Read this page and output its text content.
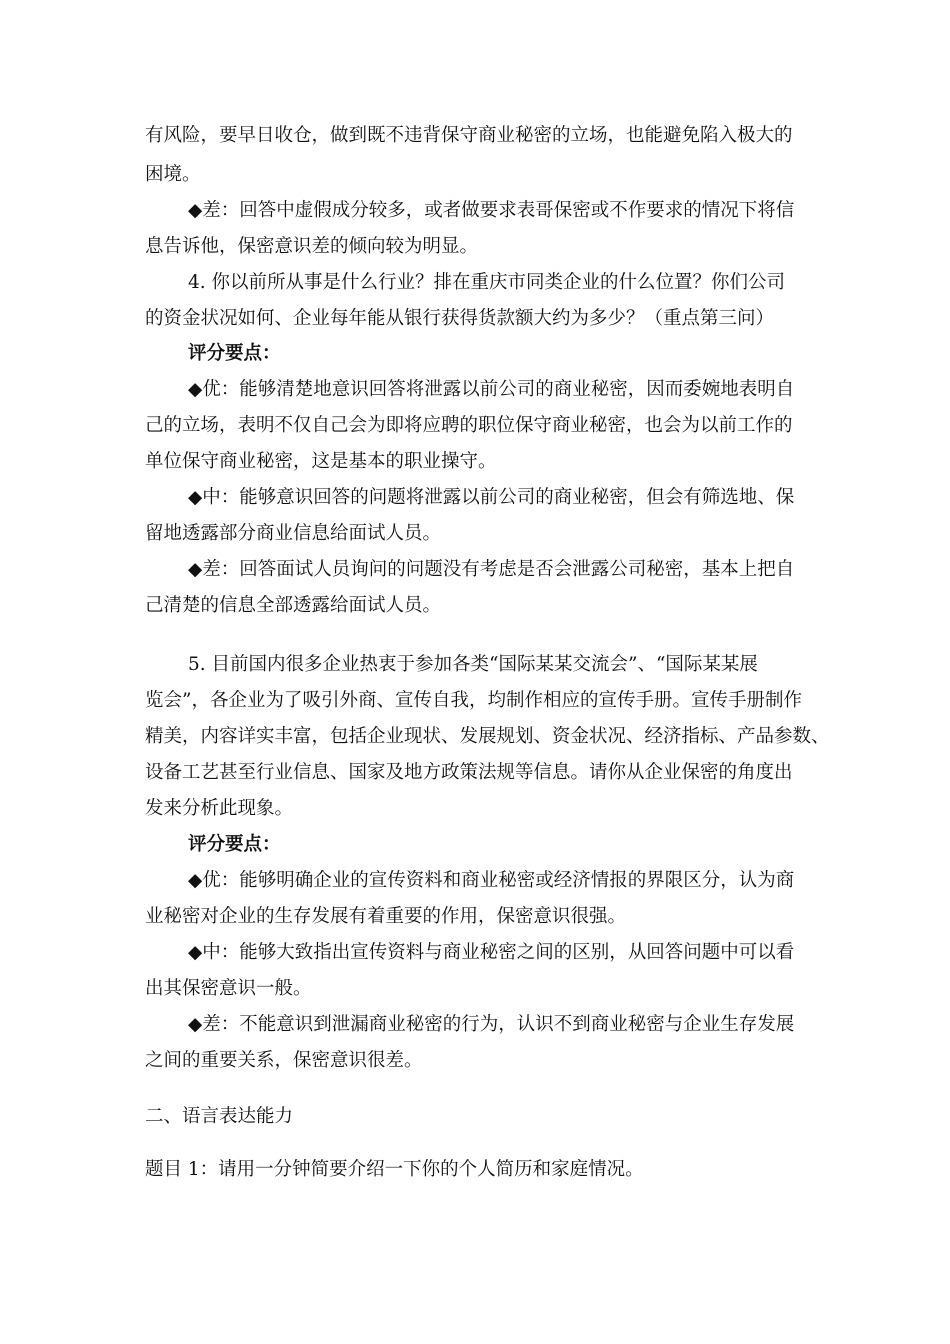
有风险，要早日收仓，做到既不违背保守商业秘密的立场，也能避免陷入极大的
困境。
◆差：回答中虚假成分较多，或者做要求表哥保密或不作要求的情况下将信
息告诉他，保密意识差的倾向较为明显。
4. 你以前所从事是什么行业？排在重庆市同类企业的什么位置？你们公司
的资金状况如何、企业每年能从银行获得货款额大约为多少？（重点第三问）
评分要点：
◆优：能够清楚地意识回答将泄露以前公司的商业秘密，因而委婉地表明自
己的立场，表明不仅自己会为即将应聘的职位保守商业秘密，也会为以前工作的
单位保守商业秘密，这是基本的职业操守。
◆中：能够意识回答的问题将泄露以前公司的商业秘密，但会有筛选地、保
留地透露部分商业信息给面试人员。
◆差：回答面试人员询问的问题没有考虑是否会泄露公司秘密，基本上把自
己清楚的信息全部透露给面试人员。
5. 目前国内很多企业热衷于参加各类“国际某某交流会”、“国际某某展
览会”，各企业为了吸引外商、宣传自我，均制作相应的宣传手册。宣传手册制作
精美，内容详实丰富，包括企业现状、发展规划、资金状况、经济指标、产品参数、
设备工艺甚至行业信息、国家及地方政策法规等信息。请你从企业保密的角度出
发来分析此现象。
评分要点：
◆优：能够明确企业的宣传资料和商业秘密或经济情报的界限区分，认为商
业秘密对企业的生存发展有着重要的作用，保密意识很强。
◆中：能够大致指出宣传资料与商业秘密之间的区别，从回答问题中可以看
出其保密意识一般。
◆差：不能意识到泄漏商业秘密的行为，认识不到商业秘密与企业生存发展
之间的重要关系，保密意识很差。
二、语言表达能力
题目 1：请用一分钟简要介绍一下你的个人简历和家庭情况。
